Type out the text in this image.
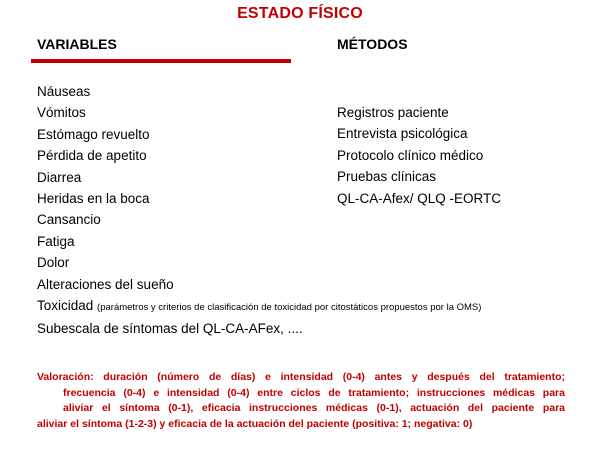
ESTADO FÍSICO
VARIABLES	MÉTODOS
Náuseas
Vómitos
Estómago revuelto
Pérdida de apetito
Diarrea
Heridas en la boca
Cansancio
Fatiga
Dolor
Alteraciones del sueño
Toxicidad (parámetros y criterios de clasificación de toxicidad por citostáticos propuestos por la OMS)
Subescala de síntomas del QL-CA-AFex, ....
Registros paciente
Entrevista psicológica
Protocolo clínico médico
Pruebas clínicas
QL-CA-Afex/ QLQ -EORTC
Valoración: duración (número de días) e intensidad (0-4) antes y después del tratamiento;
frecuencia (0-4) e intensidad (0-4) entre ciclos de tratamiento; instrucciones médicas para
aliviar el síntoma (0-1), eficacia instrucciones médicas (0-1), actuación del paciente para
aliviar el síntoma (1-2-3) y eficacia de la actuación del paciente (positiva: 1; negativa: 0)
